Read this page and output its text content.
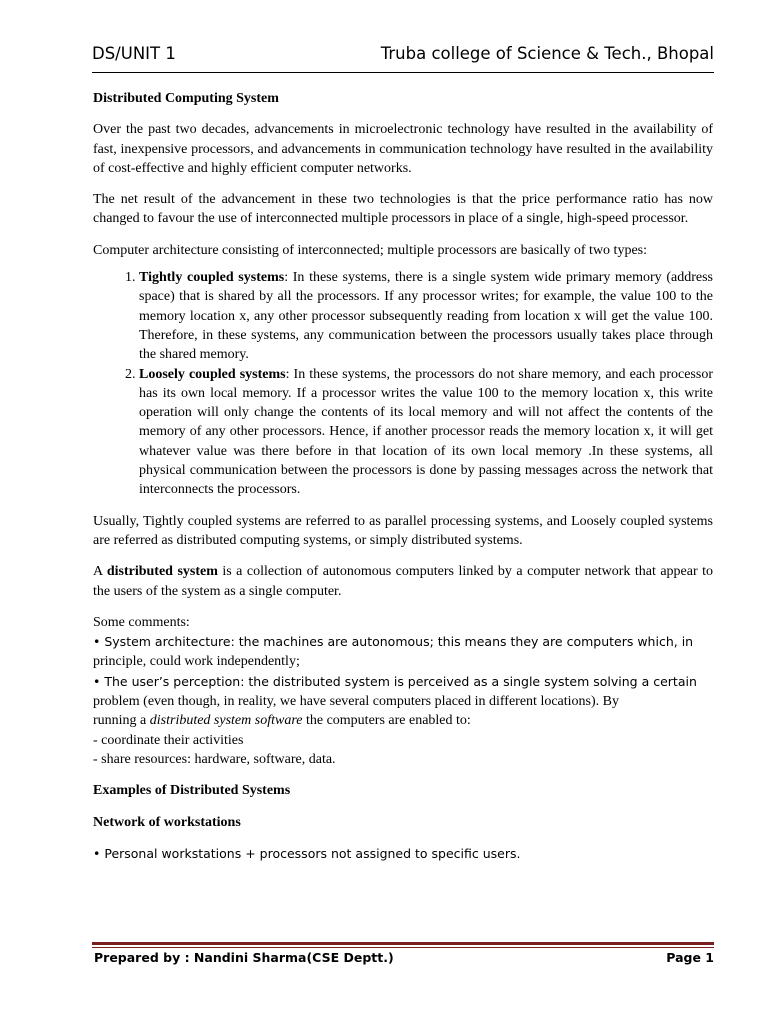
DS/UNIT 1	Truba college of Science & Tech., Bhopal

Distributed Computing System

Over the past two decades, advancements in microelectronic technology have resulted in the availability of fast, inexpensive processors, and advancements in communication technology have resulted in the availability of cost-effective and highly efficient computer networks.

The net result of the advancement in these two technologies is that the price performance ratio has now changed to favour the use of interconnected multiple processors in place of a single, high-speed processor.

Computer architecture consisting of interconnected; multiple processors are basically of two types:

1. Tightly coupled systems: In these systems, there is a single system wide primary memory (address space) that is shared by all the processors. If any processor writes; for example, the value 100 to the memory location x, any other processor subsequently reading from location x will get the value 100. Therefore, in these systems, any communication between the processors usually takes place through the shared memory.
2. Loosely coupled systems: In these systems, the processors do not share memory, and each processor has its own local memory. If a processor writes the value 100 to the memory location x, this write operation will only change the contents of its local memory and will not affect the contents of the memory of any other processors. Hence, if another processor reads the memory location x, it will get whatever value was there before in that location of its own local memory .In these systems, all physical communication between the processors is done by passing messages across the network that interconnects the processors.

Usually, Tightly coupled systems are referred to as parallel processing systems, and Loosely coupled systems are referred as distributed computing systems, or simply distributed systems.

A distributed system is a collection of autonomous computers linked by a computer network that appear to the users of the system as a single computer.

Some comments:

• System architecture: the machines are autonomous; this means they are computers which, in
principle, could work independently;

• The user’s perception: the distributed system is perceived as a single system solving a certain
problem (even though, in reality, we have several computers placed in different locations). By
running a distributed system software the computers are enabled to:

- coordinate their activities

- share resources: hardware, software, data.

Examples of Distributed Systems

Network of workstations

• Personal workstations + processors not assigned to specific users.

Prepared by : Nandini Sharma(CSE Deptt.)	Page 1
